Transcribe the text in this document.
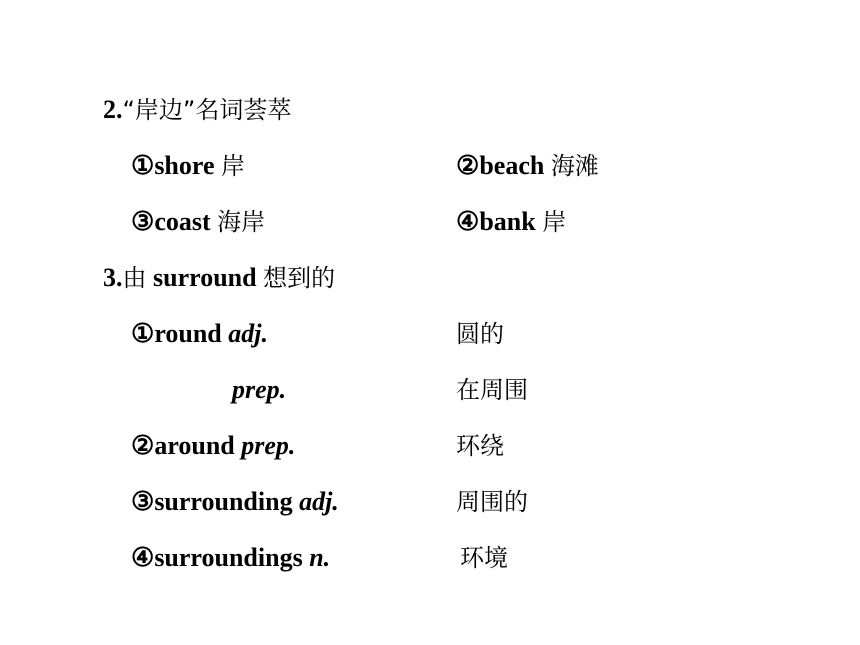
2.“岸边”名词荟萃
①shore 岸	②beach 海滩
③coast 海岸	④bank 岸
3.由 surround 想到的
①round adj.	圆的
prep.	在周围
②around prep.	环绕
③surrounding adj.	周围的
④surroundings n.	环境
